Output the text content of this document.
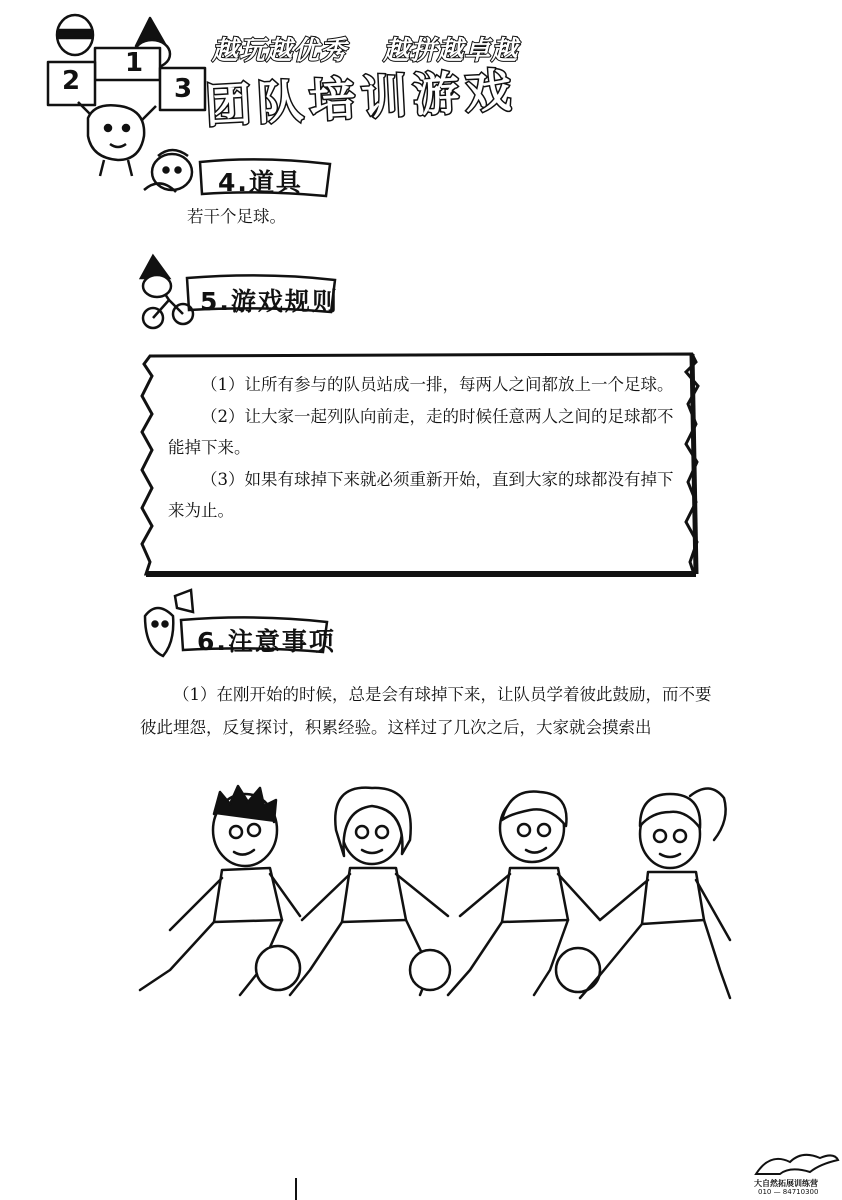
1
2	3
越玩越优秀 越拼越卓越
团队培训游戏
4.道具
若干个足球。
5.游戏规则

（1）让所有参与的队员站成一排，每两人之间都放上一个足球。

（2）让大家一起列队向前走，走的时候任意两人之间的足球都不能掉下来。

（3）如果有球掉下来就必须重新开始，直到大家的球都没有掉下来为止。

6.注意事项
（1）在刚开始的时候，总是会有球掉下来，让队员学着彼此鼓励，而不要彼此埋怨，反复探讨，积累经验。这样过了几次之后，大家就会摸索出
大自然拓展训练营
010 — 84710300
